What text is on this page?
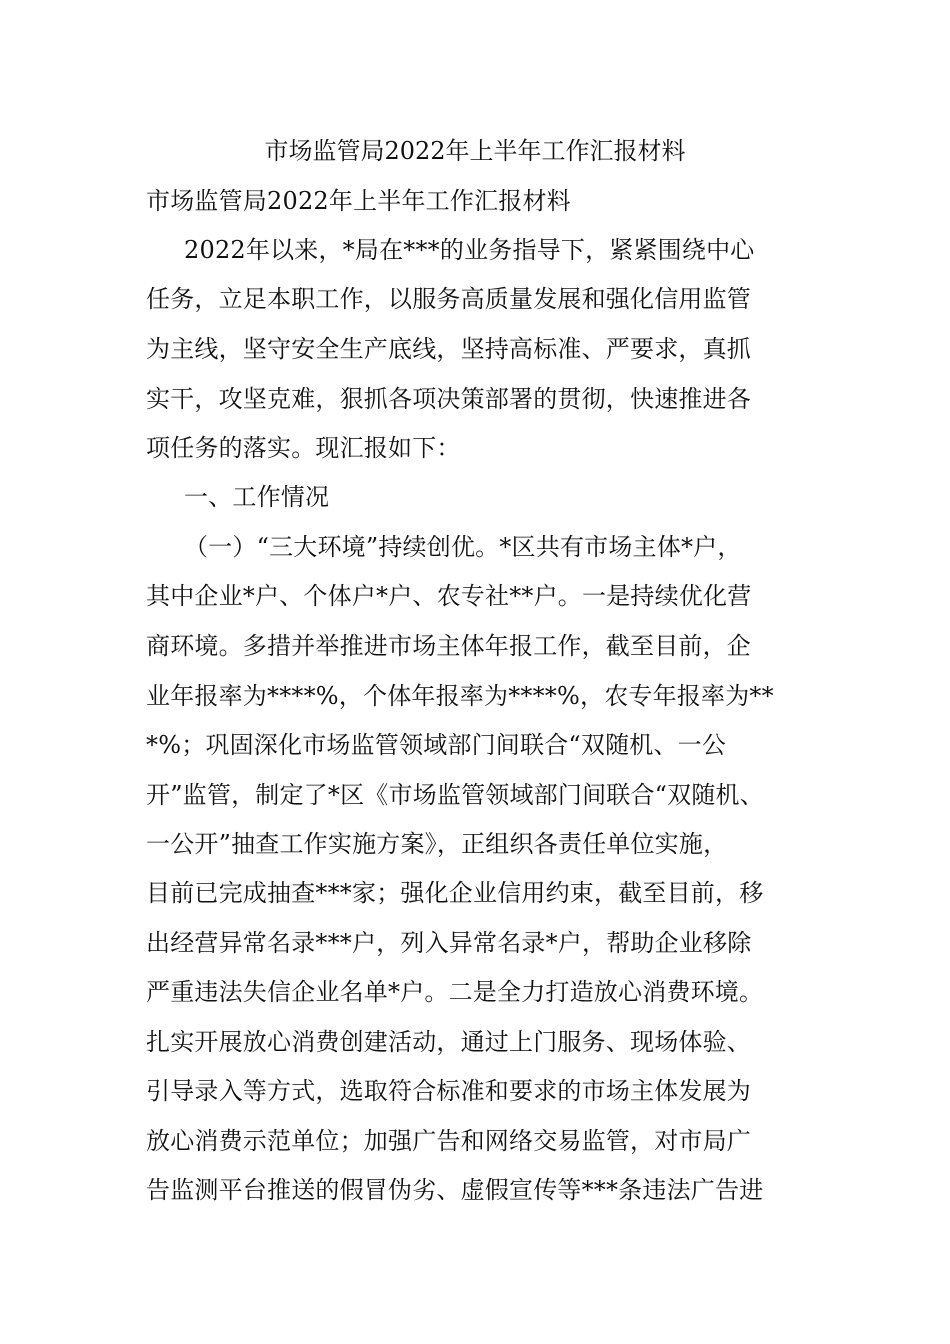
市场监管局2022年上半年工作汇报材料
市场监管局2022年上半年工作汇报材料
2022年以来，*局在***的业务指导下，紧紧围绕中心
任务，立足本职工作，以服务高质量发展和强化信用监管
为主线，坚守安全生产底线，坚持高标准、严要求，真抓
实干，攻坚克难，狠抓各项决策部署的贯彻，快速推进各
项任务的落实。现汇报如下：
一、工作情况
（一）“三大环境”持续创优。*区共有市场主体*户，
其中企业*户、个体户*户、农专社**户。一是持续优化营
商环境。多措并举推进市场主体年报工作，截至目前，企
业年报率为****%，个体年报率为****%，农专年报率为**
*%；巩固深化市场监管领域部门间联合“双随机、一公
开”监管，制定了*区《市场监管领域部门间联合“双随机、
一公开”抽查工作实施方案》，正组织各责任单位实施，
目前已完成抽查***家；强化企业信用约束，截至目前，移
出经营异常名录***户，列入异常名录*户，帮助企业移除
严重违法失信企业名单*户。二是全力打造放心消费环境。
扎实开展放心消费创建活动，通过上门服务、现场体验、
引导录入等方式，选取符合标准和要求的市场主体发展为
放心消费示范单位；加强广告和网络交易监管，对市局广
告监测平台推送的假冒伪劣、虚假宣传等***条违法广告进
